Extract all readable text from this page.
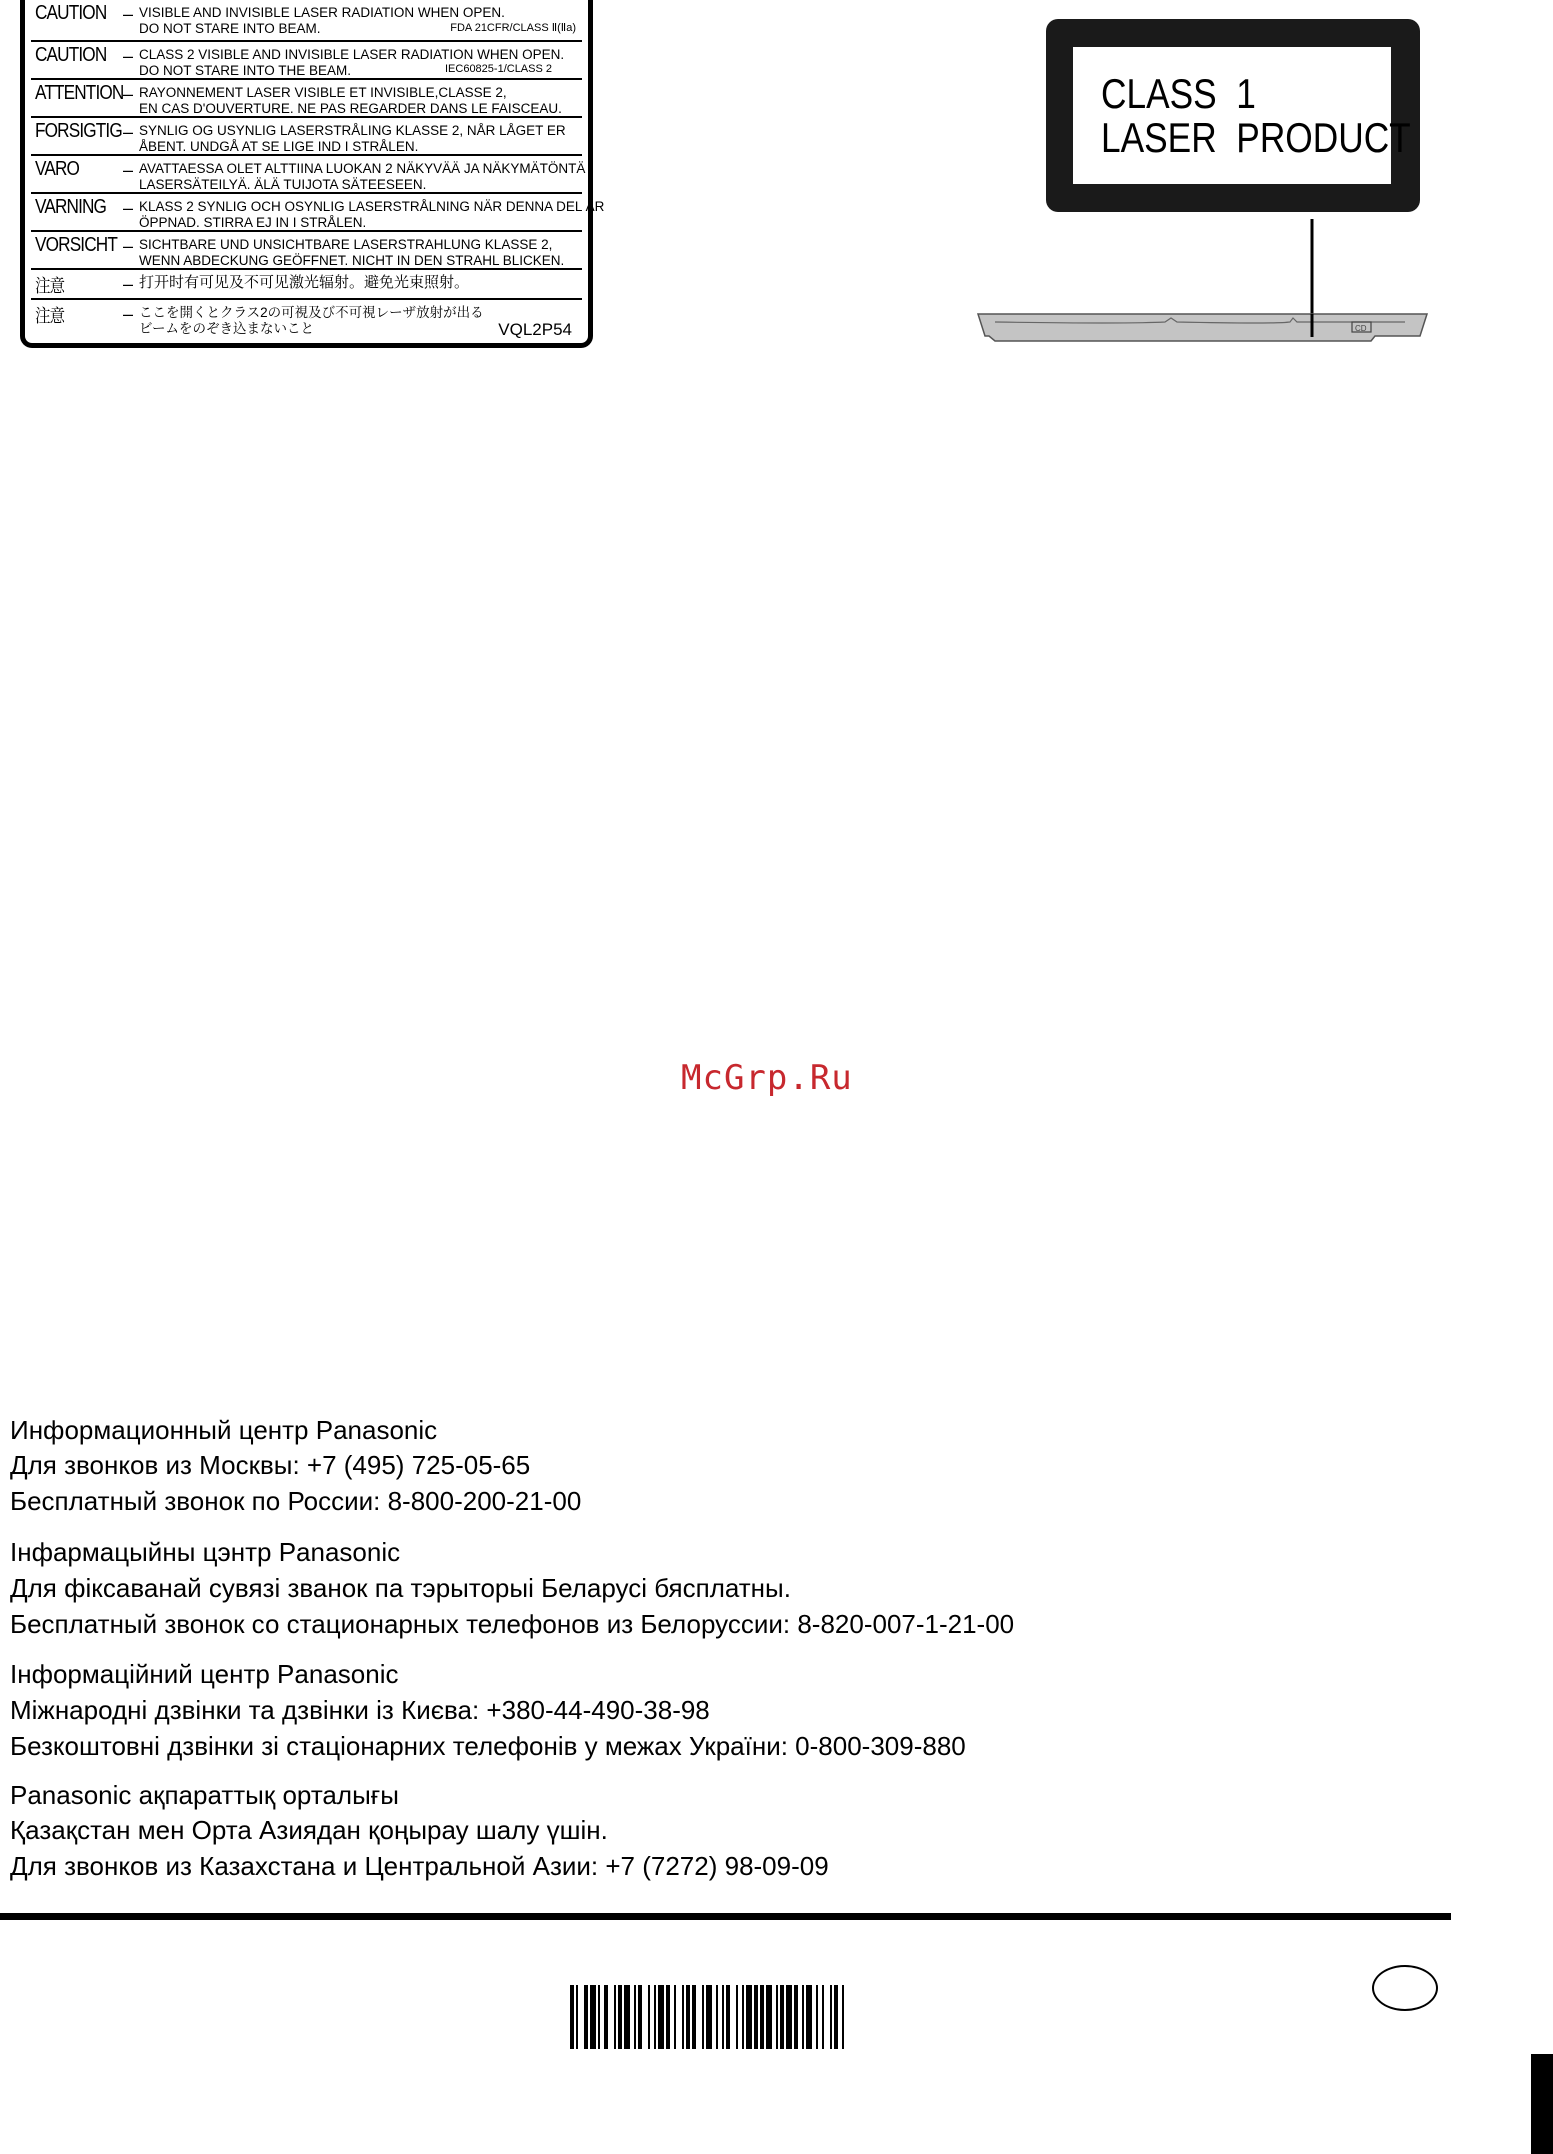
CAUTION – VISIBLE AND INVISIBLE LASER RADIATION WHEN OPEN.
DO NOT STARE INTO BEAM.	FDA 21CFR/CLASS Ⅱ(Ⅱa)
CAUTION – CLASS 2 VISIBLE AND INVISIBLE LASER RADIATION WHEN OPEN.
DO NOT STARE INTO THE BEAM.	IEC60825-1/CLASS 2
ATTENTION – RAYONNEMENT LASER VISIBLE ET INVISIBLE,CLASSE 2,
EN CAS D'OUVERTURE. NE PAS REGARDER DANS LE FAISCEAU.
FORSIGTIG – SYNLIG OG USYNLIG LASERSTRÅLING KLASSE 2, NÅR LÅGET ER
ÅBENT. UNDGÅ AT SE LIGE IND I STRÅLEN.
VARO – AVATTAESSA OLET ALTTIINA LUOKAN 2 NÄKYVÄÄ JA NÄKYMÄTÖNTÄ
LASERSÄTEILYÄ. ÄLÄ TUIJOTA SÄTEESEEN.
VARNING – KLASS 2 SYNLIG OCH OSYNLIG LASERSTRÅLNING NÄR DENNA DEL ÄR
ÖPPNAD. STIRRA EJ IN I STRÅLEN.
VORSICHT – SICHTBARE UND UNSICHTBARE LASERSTRAHLUNG KLASSE 2,
WENN ABDECKUNG GEÖFFNET. NICHT IN DEN STRAHL BLICKEN.
注意	– 打开时有可见及不可见激光辐射。避免光束照射。
注意	– ここを開くとクラス2の可視及び不可視レーザ放射が出る
ビームをのぞき込まないこと	VQL2P54
CLASS  1
LASER  PRODUCT
CD
McGrp.Ru
Информационный центр Panasonic
Для звонков из Москвы: +7 (495) 725-05-65
Бесплатный звонок по России: 8-800-200-21-00
Інфармацыйны цэнтр Panasonic
Для фіксаванай сувязі званок па тэрыторыі Беларусі бясплатны.
Бесплатный звонок со стационарных телефонов из Белоруссии: 8-820-007-1-21-00
Інформаційний центр Panasonic
Міжнародні дзвінки та дзвінки із Києва: +380-44-490-38-98
Безкоштовні дзвінки зі стаціонарних телефонів у межах України: 0-800-309-880
Panasonic ақпараттық орталығы
Қазақстан мен Орта Азиядан қоңырау шалу үшін.
Для звонков из Казахстана и Центральной Азии: +7 (7272) 98-09-09
